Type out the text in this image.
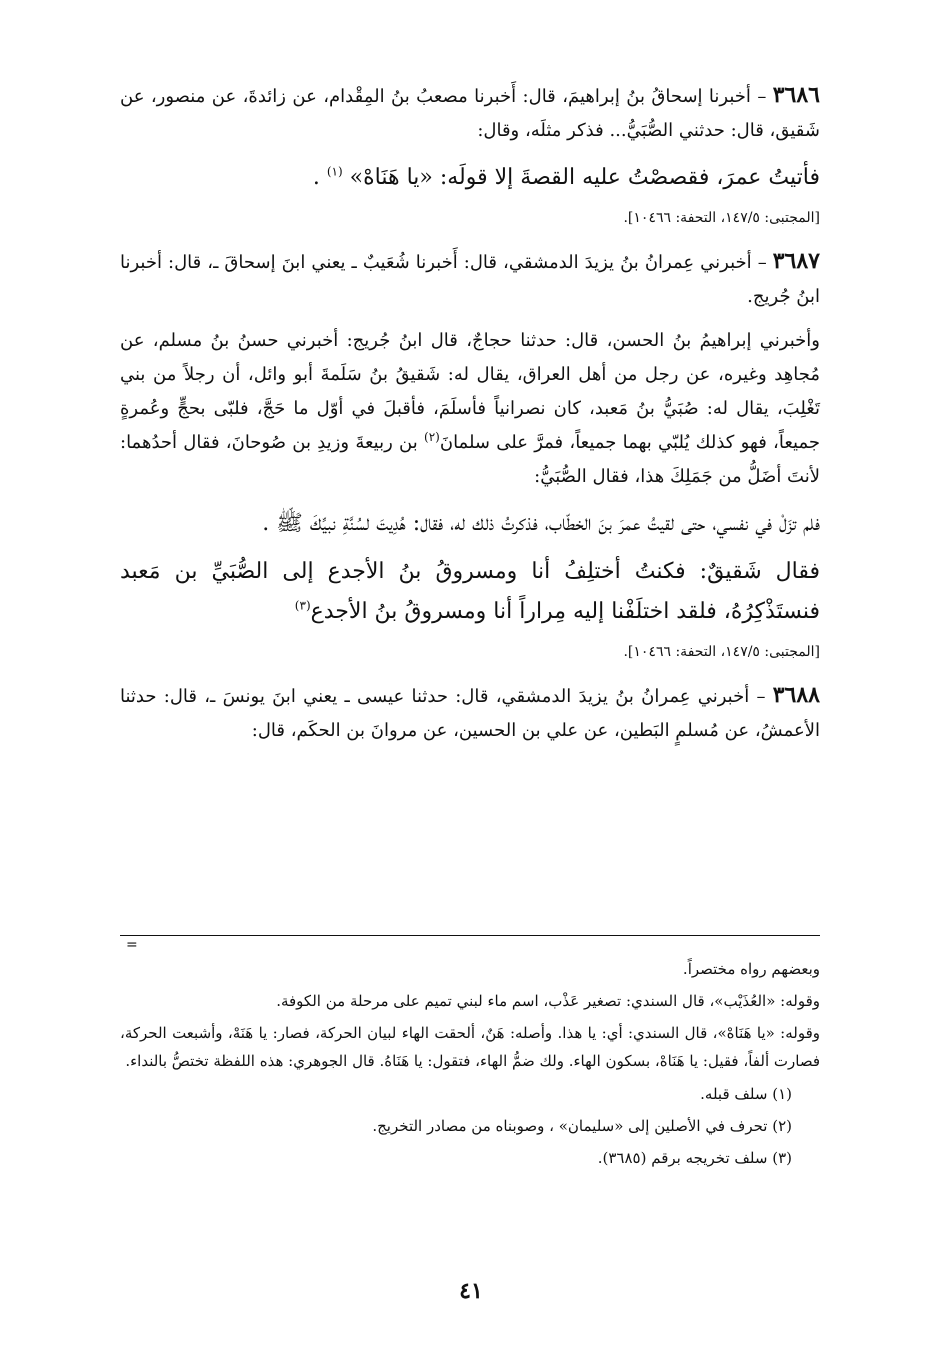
٣٦٨٦ – أخبرنا إسحاقُ بنُ إبراهيمَ، قال: أَخبرنا مصعبُ بنُ المِقْدام، عن زائدةَ، عن منصور، عن شَقيق، قال: حدثني الصُّبَيُّ... فذكر مثلَه، وقال:

فأتيتُ عمرَ، فقصصْتُ عليه القصةَ إلا قولَه: «يا هَنَاهْ» $^{(١)}$ .

[المجتبى: ١٤٧/٥، التحفة: ١٠٤٦٦].

٣٦٨٧ – أخبرني عِمرانُ بنُ يزيدَ الدمشقي، قال: أَخبرنا شُعَيبٌ ـ يعني ابنَ إسحاقَ ـ، قال: أخبرنا ابنُ جُريج.

وأخبرني إبراهيمُ بنُ الحسن، قال: حدثنا حجاجٌ، قال ابنُ جُريج: أخبرني حسنُ بنُ مسلم، عن مُجاهِد وغيره، عن رجل من أهل العراق، يقال له: شَقيقُ بنُ سَلَمةَ أبو وائل، أن رجلاً من بني تَغْلِبَ، يقال له: صُبَيُّ بنُ مَعبد، كان نصرانياً فأسلَمَ، فأقبلَ في أوّل ما حَجَّ، فلبّى بحجٍّ وعُمرةٍ جميعاً، فهو كذلك يُلبّي بهما جميعاً، فمرَّ على سلمانَ$^{(٢)}$ بن ربيعةَ وزيدِ بن صُوحانَ، فقال أحدُهما: لأنتَ أضَلُّ من جَمَلِكَ هذا، فقال الصُّبَيُّ:

فلم تزَلْ في نفسي، حتى لقيتُ عمرَ بنَ الخطّاب، فذكرتُ ذلك له، فقال: هُدِيتَ لسُنَّةِ نبيِّكَ ﷺ .

فقال شَقيقٌ: فكنتُ أختلِفُ أنا ومسروقُ بنُ الأجدع إلى الصُّبَيِّ بن مَعبد فنستَذْكِرُهُ، فلقد اختلَفْنا إليه مِراراً أنا ومسروقُ بنُ الأجدع$^{(٣)}$

[المجتبى: ١٤٧/٥، التحفة: ١٠٤٦٦].

٣٦٨٨ – أخبرني عِمرانُ بنُ يزيدَ الدمشقي، قال: حدثنا عيسى ـ يعني ابنَ يونسَ ـ، قال: حدثنا الأعمشُ، عن مُسلمٍ البَطين، عن علي بن الحسين، عن مروانَ بن الحكَم، قال:

=

وبعضهم رواه مختصراً.

وقوله: «العُذَيْب»، قال السندي: تصغير عَذْب، اسم ماء لبني تميم على مرحلة من الكوفة.

وقوله: «يا هَنَاهْ»، قال السندي: أي: يا هذا. وأصله: هَنٌ، ألحقت الهاء لبيان الحركة، فصار: يا هَنَهْ، وأشبعت الحركة، فصارت ألفاً، فقيل: يا هَنَاهْ، بسكون الهاء. ولك ضمُّ الهاء، فتقول: يا هَنَاهُ. قال الجوهري: هذه اللفظة تختصُّ بالنداء.

(١) سلف قبله.

(٢) تحرف في الأصلين إلى «سليمان» ، وصوبناه من مصادر التخريج.

(٣) سلف تخريجه برقم (٣٦٨٥).

٤١
